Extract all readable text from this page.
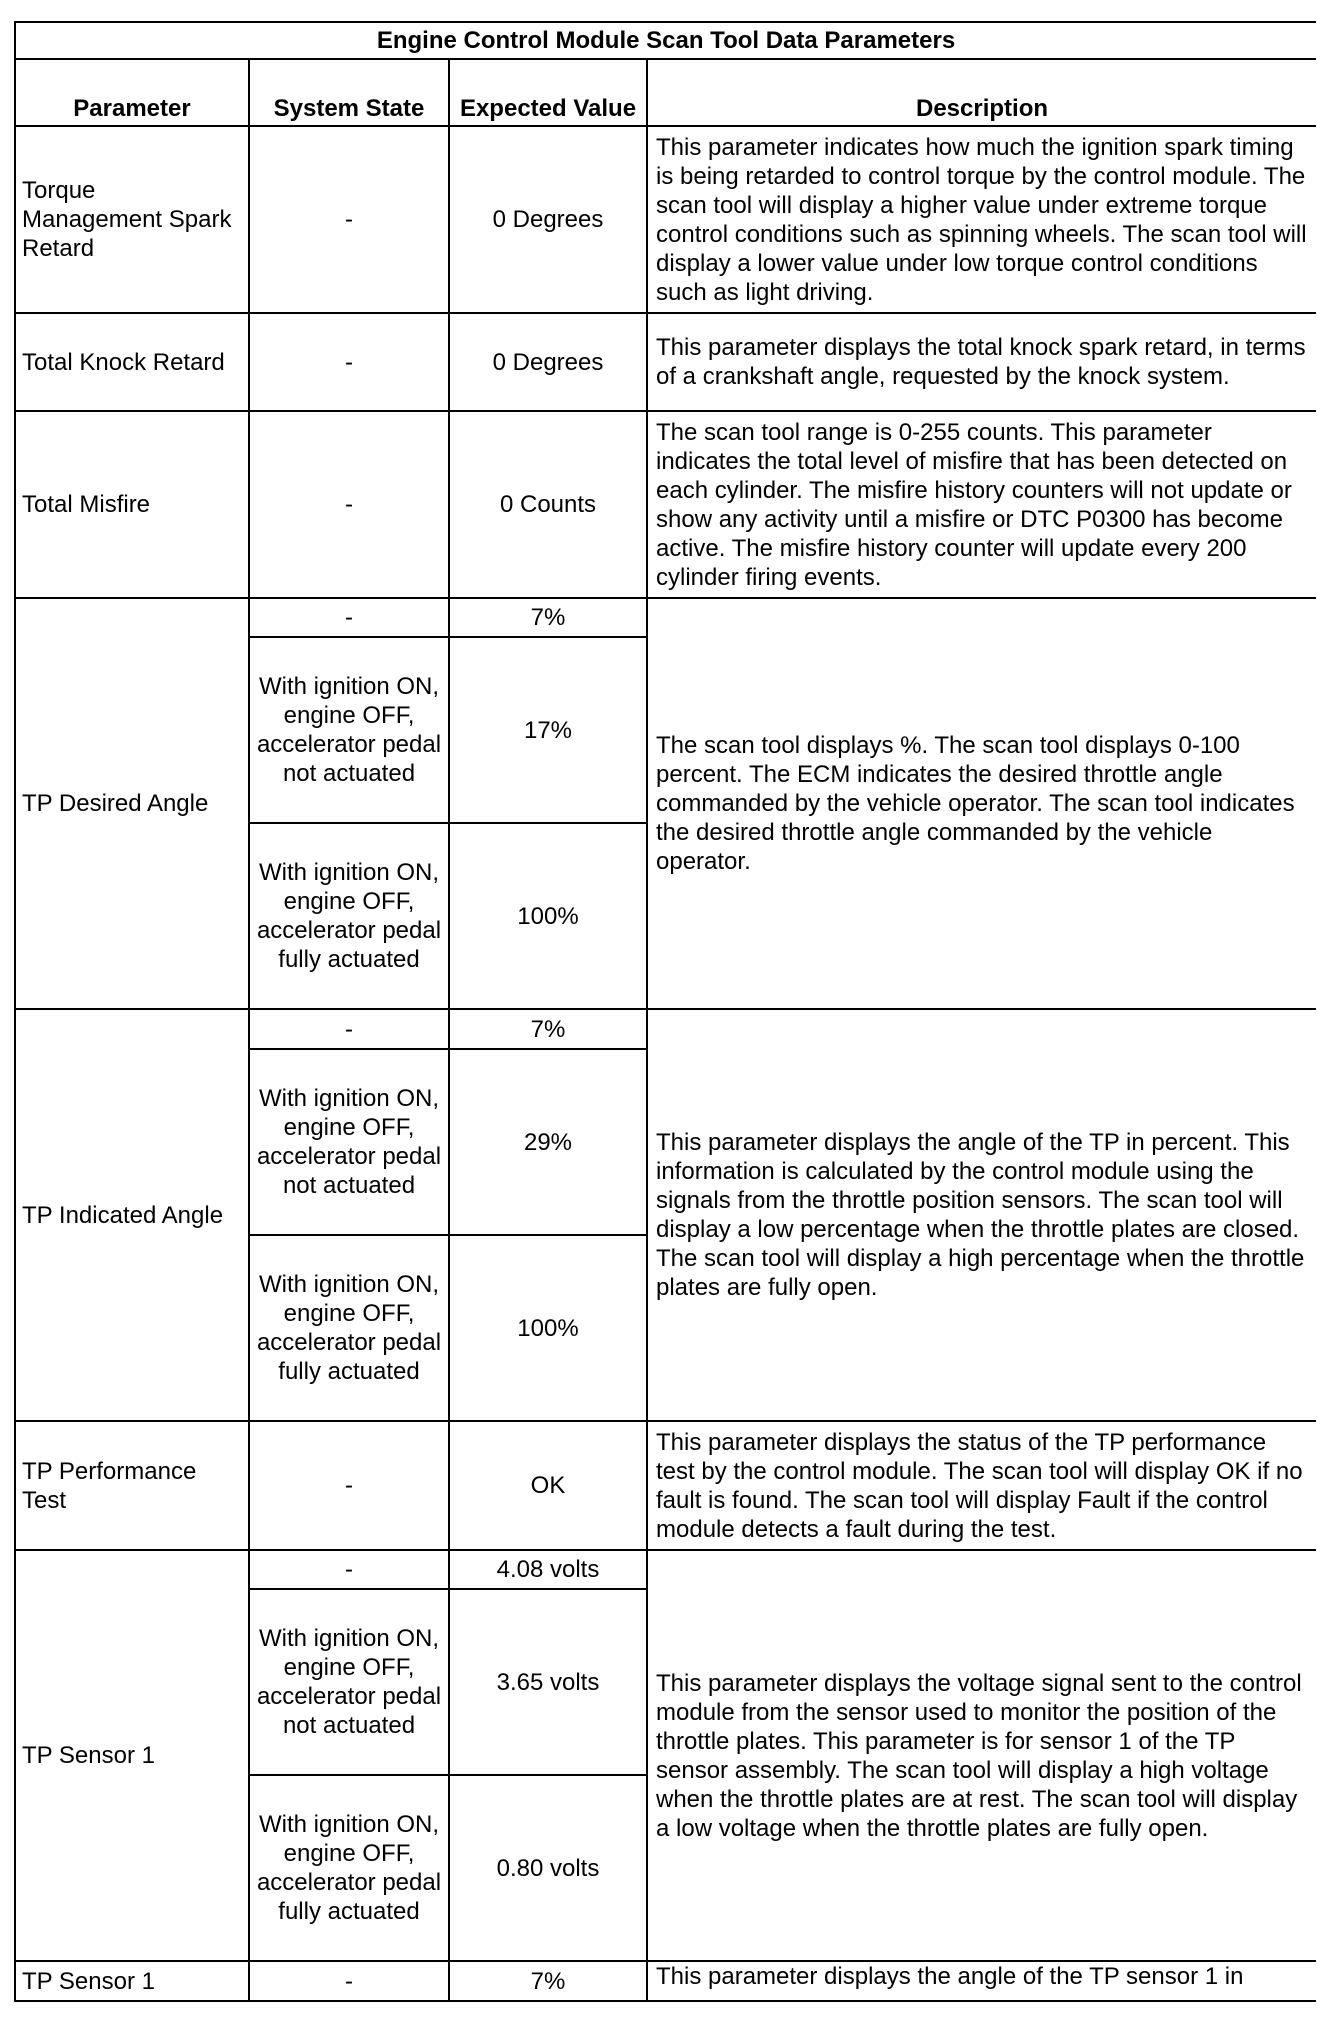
Engine Control Module Scan Tool Data Parameters			
Parameter	System State	Expected Value	Description
Torque Management Spark Retard	-	0 Degrees	This parameter indicates how much the ignition spark timing is being retarded to control torque by the control module. The scan tool will display a higher value under extreme torque control conditions such as spinning wheels. The scan tool will display a lower value under low torque control conditions such as light driving.
Total Knock Retard	-	0 Degrees	This parameter displays the total knock spark retard, in terms of a crankshaft angle, requested by the knock system.
Total Misfire	-	0 Counts	The scan tool range is 0-255 counts. This parameter indicates the total level of misfire that has been detected on each cylinder. The misfire history counters will not update or show any activity until a misfire or DTC P0300 has become active. The misfire history counter will update every 200 cylinder firing events.
TP Desired Angle	-	7%	The scan tool displays %. The scan tool displays 0-100 percent. The ECM indicates the desired throttle angle commanded by the vehicle operator. The scan tool indicates the desired throttle angle commanded by the vehicle operator.
	With ignition ON, engine OFF, accelerator pedal not actuated	17%	
	With ignition ON, engine OFF, accelerator pedal fully actuated	100%	
TP Indicated Angle	-	7%	This parameter displays the angle of the TP in percent. This information is calculated by the control module using the signals from the throttle position sensors. The scan tool will display a low percentage when the throttle plates are closed. The scan tool will display a high percentage when the throttle plates are fully open.
	With ignition ON, engine OFF, accelerator pedal not actuated	29%	
	With ignition ON, engine OFF, accelerator pedal fully actuated	100%	
TP Performance Test	-	OK	This parameter displays the status of the TP performance test by the control module. The scan tool will display OK if no fault is found. The scan tool will display Fault if the control module detects a fault during the test.
TP Sensor 1	-	4.08 volts	This parameter displays the voltage signal sent to the control module from the sensor used to monitor the position of the throttle plates. This parameter is for sensor 1 of the TP sensor assembly. The scan tool will display a high voltage when the throttle plates are at rest. The scan tool will display a low voltage when the throttle plates are fully open.
	With ignition ON, engine OFF, accelerator pedal not actuated	3.65 volts	
	With ignition ON, engine OFF, accelerator pedal fully actuated	0.80 volts	
TP Sensor 1	-	7%	This parameter displays the angle of the TP sensor 1 in
